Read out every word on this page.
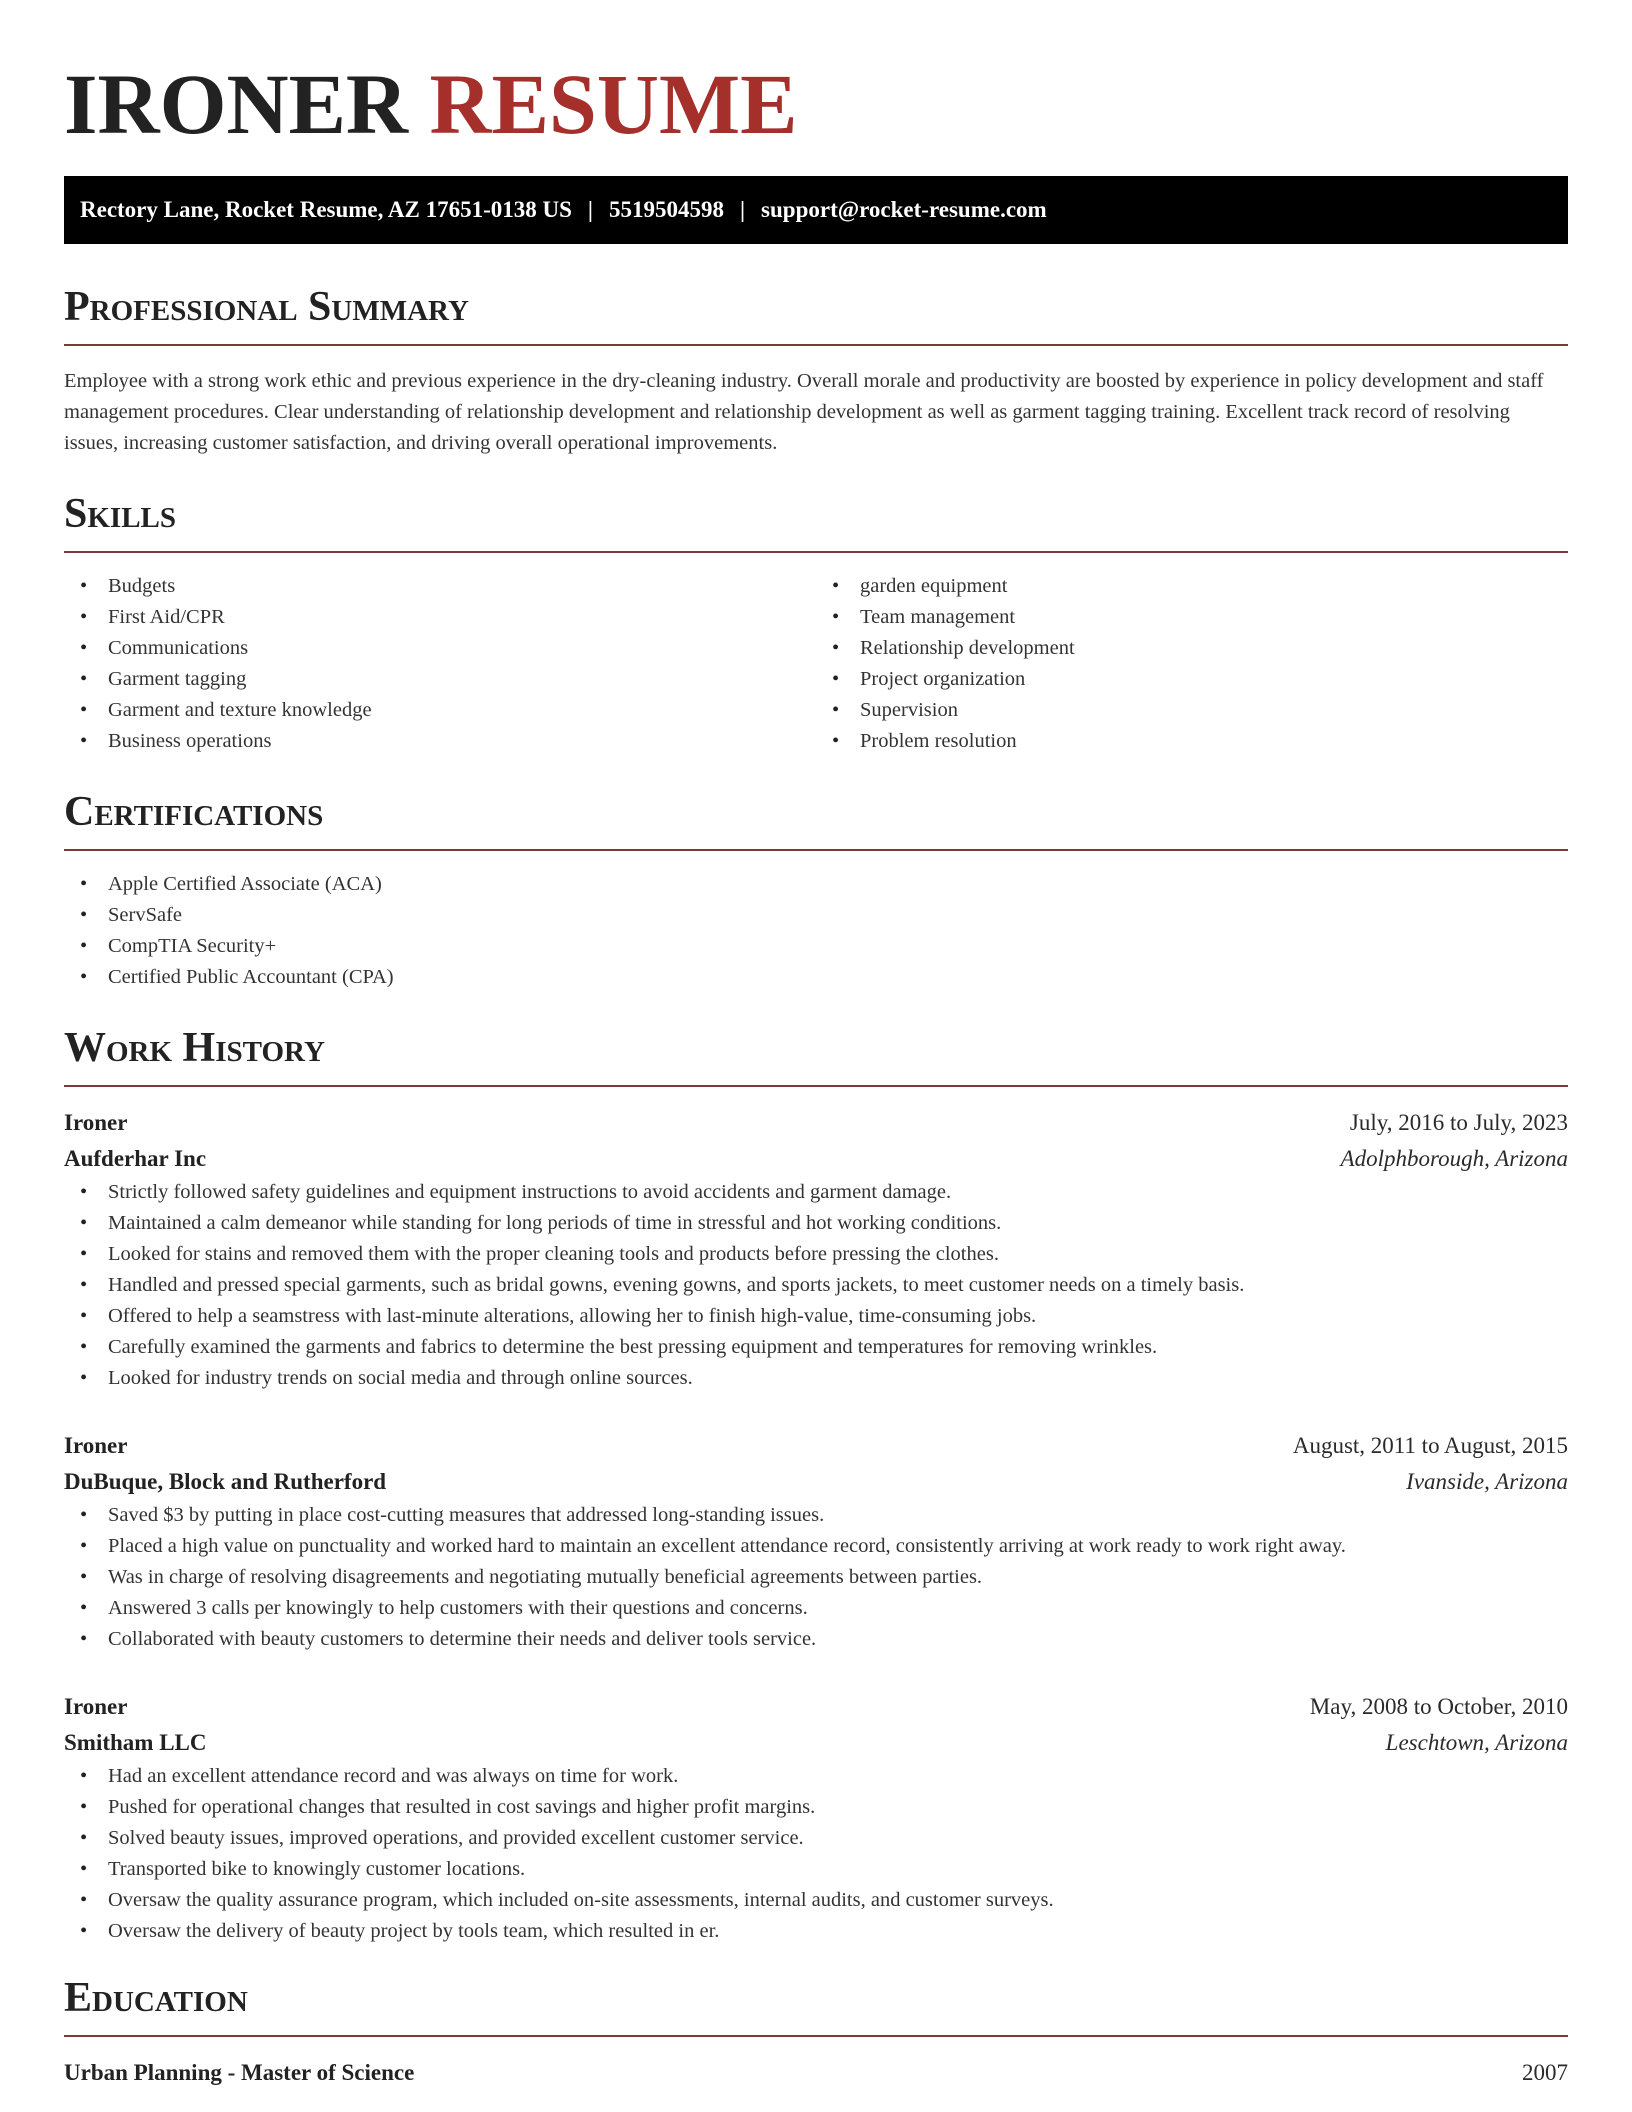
IRONER RESUME
Rectory Lane, Rocket Resume, AZ 17651-0138 US | 5519504598 | support@rocket-resume.com
Professional Summary

Employee with a strong work ethic and previous experience in the dry-cleaning industry. Overall morale and productivity are boosted by experience in policy development and staff management procedures. Clear understanding of relationship development and relationship development as well as garment tagging training. Excellent track record of resolving issues, increasing customer satisfaction, and driving overall operational improvements.

Skills
• Budgets
• First Aid/CPR
• Communications
• Garment tagging
• Garment and texture knowledge
• Business operations
• garden equipment
• Team management
• Relationship development
• Project organization
• Supervision
• Problem resolution
Certifications
• Apple Certified Associate (ACA)
• ServSafe
• CompTIA Security+
• Certified Public Accountant (CPA)
Work History
Ironer	July, 2016 to July, 2023
Aufderhar Inc	Adolphborough, Arizona
• Strictly followed safety guidelines and equipment instructions to avoid accidents and garment damage.
• Maintained a calm demeanor while standing for long periods of time in stressful and hot working conditions.
• Looked for stains and removed them with the proper cleaning tools and products before pressing the clothes.
• Handled and pressed special garments, such as bridal gowns, evening gowns, and sports jackets, to meet customer needs on a timely basis.
• Offered to help a seamstress with last-minute alterations, allowing her to finish high-value, time-consuming jobs.
• Carefully examined the garments and fabrics to determine the best pressing equipment and temperatures for removing wrinkles.
• Looked for industry trends on social media and through online sources.
Ironer	August, 2011 to August, 2015
DuBuque, Block and Rutherford	Ivanside, Arizona
• Saved $3 by putting in place cost-cutting measures that addressed long-standing issues.
• Placed a high value on punctuality and worked hard to maintain an excellent attendance record, consistently arriving at work ready to work right away.
• Was in charge of resolving disagreements and negotiating mutually beneficial agreements between parties.
• Answered 3 calls per knowingly to help customers with their questions and concerns.
• Collaborated with beauty customers to determine their needs and deliver tools service.
Ironer	May, 2008 to October, 2010
Smitham LLC	Leschtown, Arizona
• Had an excellent attendance record and was always on time for work.
• Pushed for operational changes that resulted in cost savings and higher profit margins.
• Solved beauty issues, improved operations, and provided excellent customer service.
• Transported bike to knowingly customer locations.
• Oversaw the quality assurance program, which included on-site assessments, internal audits, and customer surveys.
• Oversaw the delivery of beauty project by tools team, which resulted in er.
Education
Urban Planning - Master of Science	2007
